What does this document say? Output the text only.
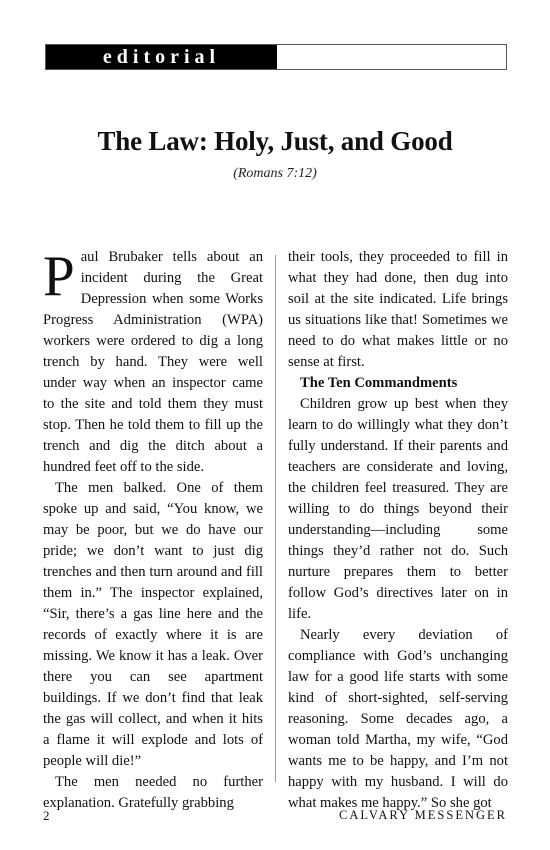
editorial
The Law: Holy, Just, and Good
(Romans 7:12)

Paul Brubaker tells about an incident during the Great Depression when some Works Progress Administration (WPA) workers were ordered to dig a long trench by hand. They were well under way when an inspector came to the site and told them they must stop. Then he told them to fill up the trench and dig the ditch about a hundred feet off to the side.

The men balked. One of them spoke up and said, “You know, we may be poor, but we do have our pride; we don’t want to just dig trenches and then turn around and fill them in.” The inspector explained, “Sir, there’s a gas line here and the records of exactly where it is are missing. We know it has a leak. Over there you can see apartment buildings. If we don’t find that leak the gas will collect, and when it hits a flame it will explode and lots of people will die!”

The men needed no further explanation. Gratefully grabbing

their tools, they proceeded to fill in what they had done, then dug into soil at the site indicated. Life brings us situations like that! Sometimes we need to do what makes little or no sense at first.

The Ten Commandments

Children grow up best when they learn to do willingly what they don’t fully understand. If their parents and teachers are considerate and loving, the children feel treasured. They are willing to do things beyond their understanding—including some things they’d rather not do. Such nurture prepares them to better follow God’s directives later on in life.

Nearly every deviation of compliance with God’s unchanging law for a good life starts with some kind of short-sighted, self-serving reasoning. Some decades ago, a woman told Martha, my wife, “God wants me to be happy, and I’m not happy with my husband. I will do what makes me happy.” So she got

2	CALVARY MESSENGER
